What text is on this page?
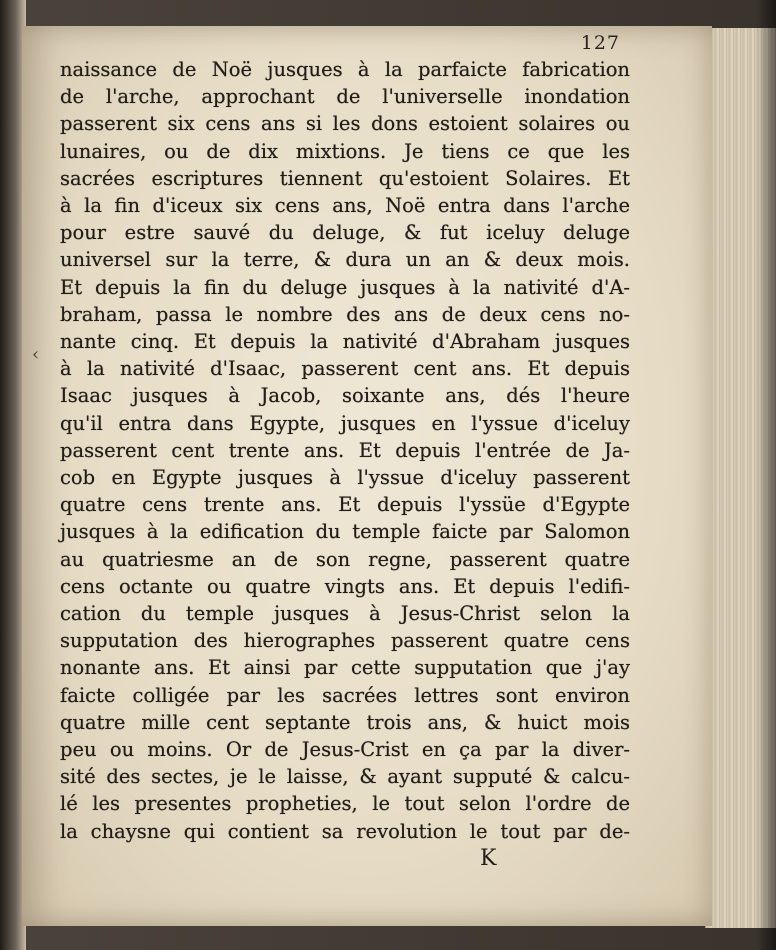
127
‹
naissance de Noë jusques à la parfaicte fabrication
de l'arche, approchant de l'universelle inondation
passerent six cens ans si les dons estoient solaires ou
lunaires, ou de dix mixtions. Je tiens ce que les
sacrées escriptures tiennent qu'estoient Solaires. Et
à la fin d'iceux six cens ans, Noë entra dans l'arche
pour estre sauvé du deluge, & fut iceluy deluge
universel sur la terre, & dura un an & deux mois.
Et depuis la fin du deluge jusques à la nativité d'A-
braham, passa le nombre des ans de deux cens no-
nante cinq. Et depuis la nativité d'Abraham jusques
à la nativité d'Isaac, passerent cent ans. Et depuis
Isaac jusques à Jacob, soixante ans, dés l'heure
qu'il entra dans Egypte, jusques en l'yssue d'iceluy
passerent cent trente ans. Et depuis l'entrée de Ja-
cob en Egypte jusques à l'yssue d'iceluy passerent
quatre cens trente ans. Et depuis l'yssüe d'Egypte
jusques à la edification du temple faicte par Salomon
au quatriesme an de son regne, passerent quatre
cens octante ou quatre vingts ans. Et depuis l'edifi-
cation du temple jusques à Jesus-Christ selon la
supputation des hierographes passerent quatre cens
nonante ans. Et ainsi par cette supputation que j'ay
faicte colligée par les sacrées lettres sont environ
quatre mille cent septante trois ans, & huict mois
peu ou moins. Or de Jesus-Crist en ça par la diver-
sité des sectes, je le laisse, & ayant supputé & calcu-
lé les presentes propheties, le tout selon l'ordre de
la chaysne qui contient sa revolution le tout par de-
K
